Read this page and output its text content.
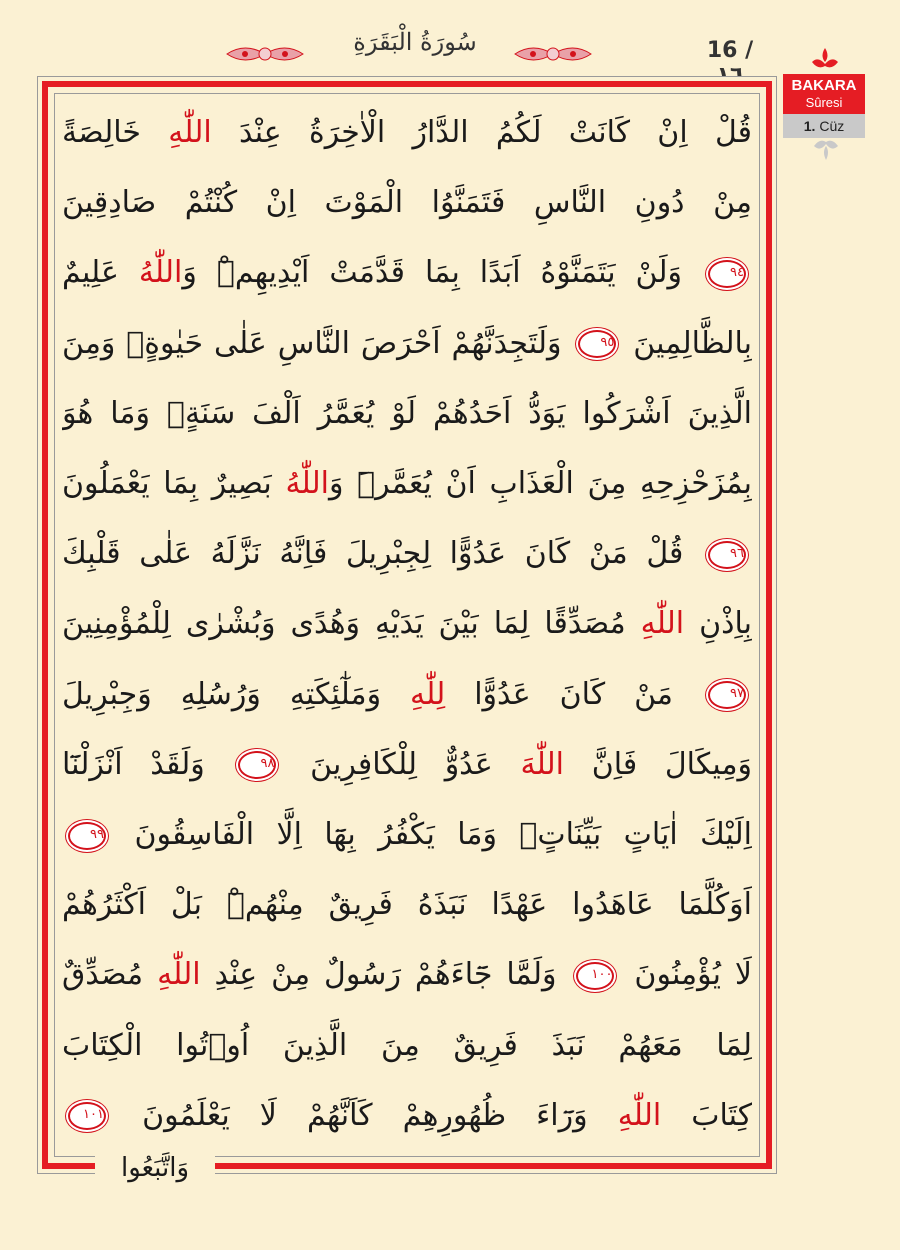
16 /
سُورَةُ الْبَقَرَةِ
BAKARA
Sûresi
1. Cüz
قُلْ اِنْ كَانَتْ لَكُمُ الدَّارُ الْاٰخِرَةُ عِنْدَ اللّٰهِ خَالِصَةً
مِنْ دُونِ النَّاسِ فَتَمَنَّوُا الْمَوْتَ اِنْ كُنْتُمْ صَادِقِينَ
٩٤ وَلَنْ يَتَمَنَّوْهُ اَبَدًا بِمَا قَدَّمَتْ اَيْدِيهِمْۜ وَاللّٰهُ عَلِيمٌ
بِالظَّالِمِينَ ٩٥ وَلَتَجِدَنَّهُمْ اَحْرَصَ النَّاسِ عَلٰى حَيٰوةٍۚ وَمِنَ
الَّذِينَ اَشْرَكُوا يَوَدُّ اَحَدُهُمْ لَوْ يُعَمَّرُ اَلْفَ سَنَةٍۚ وَمَا هُوَ
بِمُزَحْزِحِهِ مِنَ الْعَذَابِ اَنْ يُعَمَّرَۜ وَاللّٰهُ بَصِيرٌ بِمَا يَعْمَلُونَ
٩٦ قُلْ مَنْ كَانَ عَدُوًّا لِجِبْرِيلَ فَاِنَّهُ نَزَّلَهُ عَلٰى قَلْبِكَ
بِاِذْنِ اللّٰهِ مُصَدِّقًا لِمَا بَيْنَ يَدَيْهِ وَهُدًى وَبُشْرٰى لِلْمُؤْمِنِينَ
٩٧ مَنْ كَانَ عَدُوًّا لِلّٰهِ وَمَلٰٓئِكَتِهِ وَرُسُلِهِ وَجِبْرِيلَ
وَمِيكَالَ فَاِنَّ اللّٰهَ عَدُوٌّ لِلْكَافِرِينَ ٩٨ وَلَقَدْ اَنْزَلْنَٓا
اِلَيْكَ اٰيَاتٍ بَيِّنَاتٍۚ وَمَا يَكْفُرُ بِهَٓا اِلَّا الْفَاسِقُونَ ٩٩
اَوَكُلَّمَا عَاهَدُوا عَهْدًا نَبَذَهُ فَرِيقٌ مِنْهُمْۜ بَلْ اَكْثَرُهُمْ
لَا يُؤْمِنُونَ ١٠٠ وَلَمَّا جَٓاءَهُمْ رَسُولٌ مِنْ عِنْدِ اللّٰهِ مُصَدِّقٌ
لِمَا مَعَهُمْ نَبَذَ فَرِيقٌ مِنَ الَّذِينَ اُو۫تُوا الْكِتَابَ
كِتَابَ اللّٰهِ وَرَٓاءَ ظُهُورِهِمْ كَاَنَّهُمْ لَا يَعْلَمُونَ ١٠١
وَاتَّبَعُوا
